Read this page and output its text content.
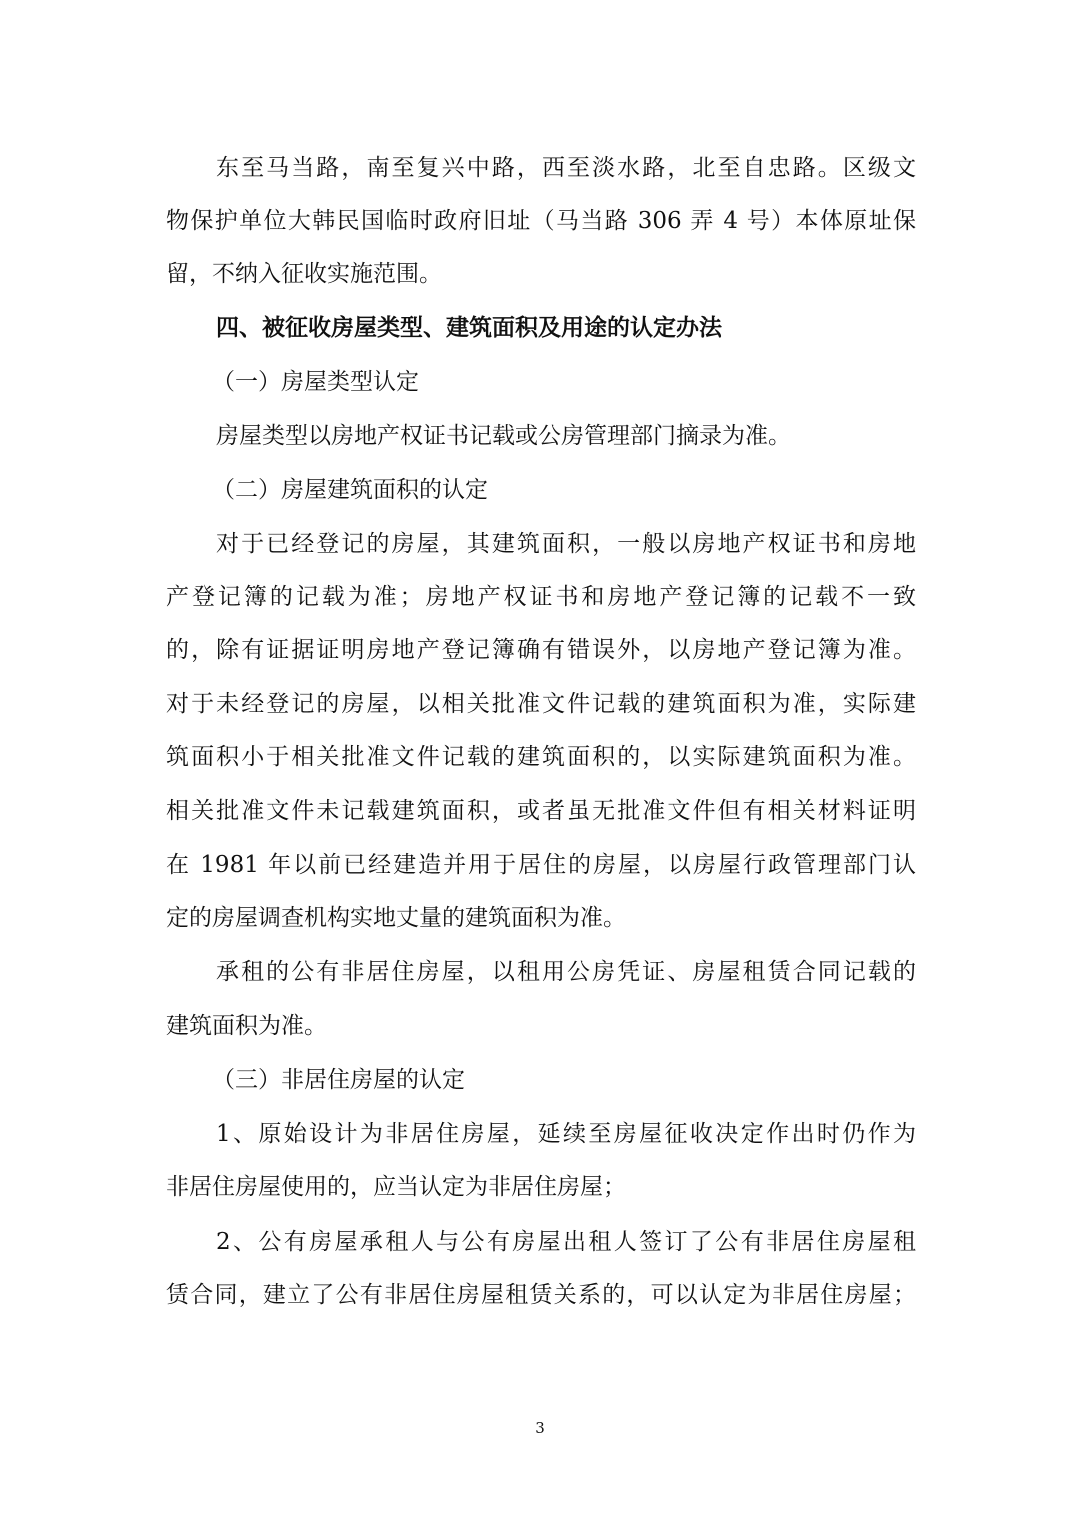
东至马当路，南至复兴中路，西至淡水路，北至自忠路。区级文
物保护单位大韩民国临时政府旧址（马当路 306 弄 4 号）本体原址保
留，不纳入征收实施范围。
四、被征收房屋类型、建筑面积及用途的认定办法
（一）房屋类型认定
房屋类型以房地产权证书记载或公房管理部门摘录为准。
（二）房屋建筑面积的认定
对于已经登记的房屋，其建筑面积，一般以房地产权证书和房地
产登记簿的记载为准；房地产权证书和房地产登记簿的记载不一致
的，除有证据证明房地产登记簿确有错误外，以房地产登记簿为准。
对于未经登记的房屋，以相关批准文件记载的建筑面积为准，实际建
筑面积小于相关批准文件记载的建筑面积的，以实际建筑面积为准。
相关批准文件未记载建筑面积，或者虽无批准文件但有相关材料证明
在 1981 年以前已经建造并用于居住的房屋，以房屋行政管理部门认
定的房屋调查机构实地丈量的建筑面积为准。
承租的公有非居住房屋，以租用公房凭证、房屋租赁合同记载的
建筑面积为准。
（三）非居住房屋的认定
1、原始设计为非居住房屋，延续至房屋征收决定作出时仍作为
非居住房屋使用的，应当认定为非居住房屋；
2、公有房屋承租人与公有房屋出租人签订了公有非居住房屋租
赁合同，建立了公有非居住房屋租赁关系的，可以认定为非居住房屋；
3
